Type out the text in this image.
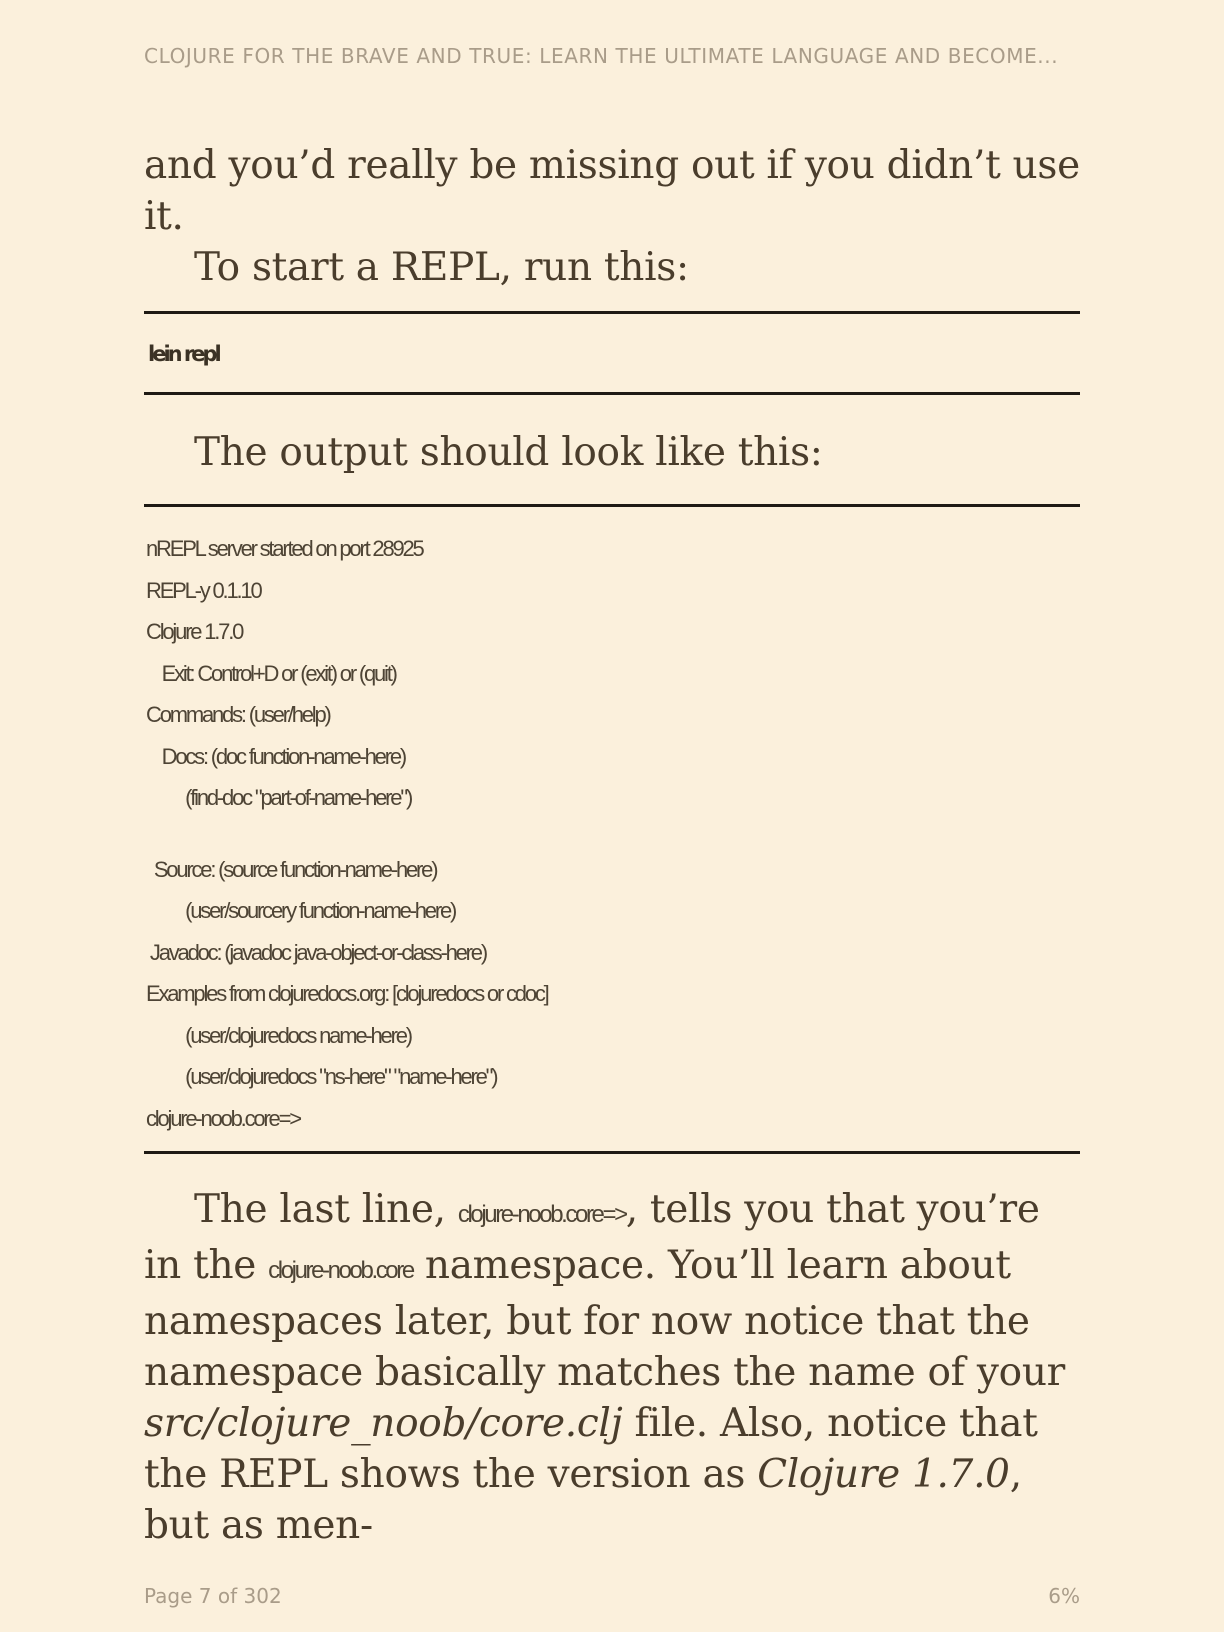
CLOJURE FOR THE BRAVE AND TRUE: LEARN THE ULTIMATE LANGUAGE AND BECOME...

and you’d really be missing out if you didn’t use it.

To start a REPL, run this:

lein repl

The output should look like this:

nREPL server started on port 28925
REPL-y 0.1.10
Clojure 1.7.0
Exit: Control+D or (exit) or (quit)
Commands: (user/help)
Docs: (doc function-name-here)
(find-doc "part-of-name-here")
Source: (source function-name-here)
(user/sourcery function-name-here)
Javadoc: (javadoc java-object-or-class-here)
Examples from clojuredocs.org: [clojuredocs or cdoc]
(user/clojuredocs name-here)
(user/clojuredocs "ns-here" "name-here")
clojure-noob.core=>

The last line, clojure-noob.core=>, tells you that you’re in the clojure-noob.core namespace. You’ll learn about namespaces later, but for now notice that the namespace basically matches the name of your src/clojure_noob/core.clj file. Also, notice that the REPL shows the version as Clojure 1.7.0, but as men-

Page 7 of 302	6%
